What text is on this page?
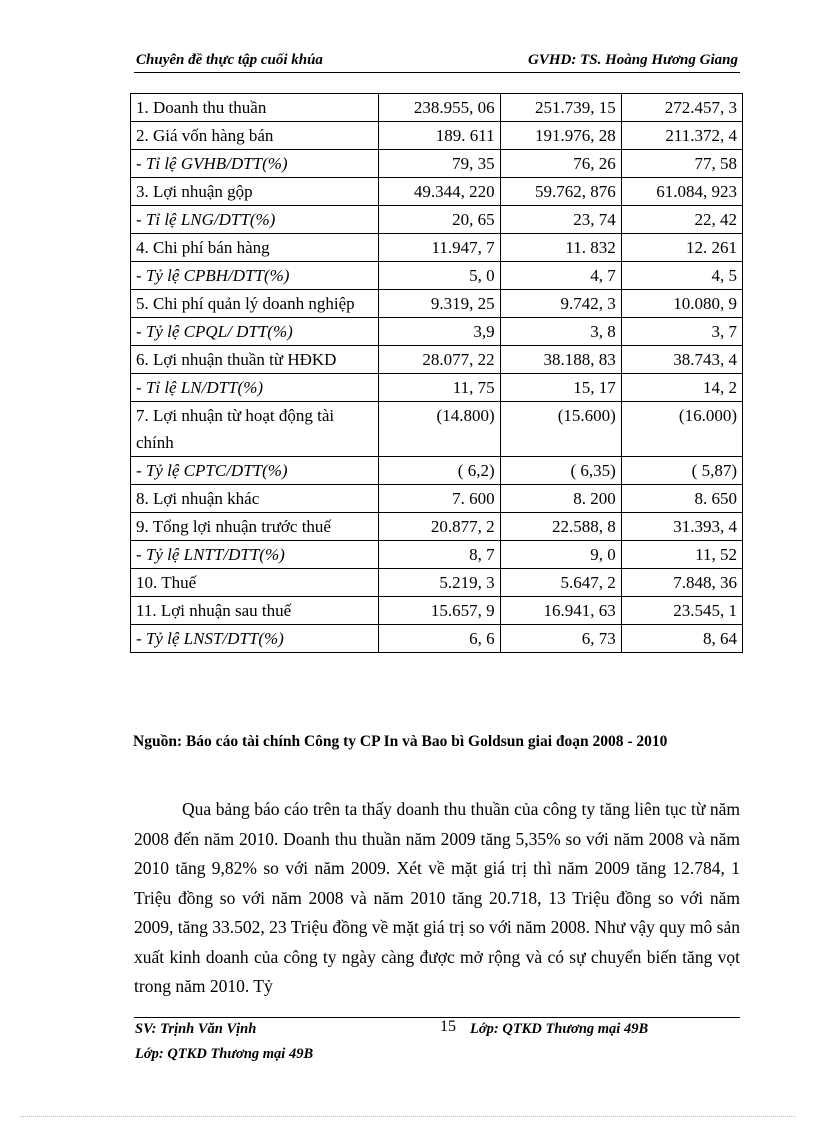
Chuyên đề thực tập cuối khúa	GVHD: TS. Hoàng Hương Giang
1. Doanh thu thuần	238.955, 06	251.739, 15	272.457, 3
2. Giá vốn hàng bán	189. 611	191.976, 28	211.372, 4
- Tỉ lệ GVHB/DTT(%)	79, 35	76, 26	77, 58
3. Lợi nhuận gộp	49.344, 220	59.762, 876	61.084, 923
- Tỉ lệ LNG/DTT(%)	20, 65	23, 74	22, 42
4. Chi phí bán hàng	11.947, 7	11. 832	12. 261
- Tỷ lệ CPBH/DTT(%)	5, 0	4, 7	4, 5
5. Chi phí quản lý doanh nghiệp	9.319, 25	9.742, 3	10.080, 9
- Tỷ lệ CPQL/ DTT(%)	3,9	3, 8	3, 7
6. Lợi nhuận thuần từ HĐKD	28.077, 22	38.188, 83	38.743, 4
- Tỉ lệ LN/DTT(%)	11, 75	15, 17	14, 2
7. Lợi nhuận từ hoạt động tài chính	(14.800)	(15.600)	(16.000)
- Tỷ lệ CPTC/DTT(%)	( 6,2)	( 6,35)	( 5,87)
8. Lợi nhuận khác	7. 600	8. 200	8. 650
9. Tổng lợi nhuận trước thuế	20.877, 2	22.588, 8	31.393, 4
- Tỷ lệ LNTT/DTT(%)	8, 7	9, 0	11, 52
10. Thuế	5.219, 3	5.647, 2	7.848, 36
11. Lợi nhuận sau thuế	15.657, 9	16.941, 63	23.545, 1
- Tỷ lệ LNST/DTT(%)	6, 6	6, 73	8, 64
Nguồn: Báo cáo tài chính Công ty CP In và Bao bì Goldsun giai đoạn 2008 - 2010

Qua bảng báo cáo trên ta thấy doanh thu thuần của công ty tăng liên tục từ năm 2008 đến năm 2010. Doanh thu thuần năm 2009 tăng 5,35% so với năm 2008 và năm 2010 tăng 9,82% so với năm 2009. Xét về mặt giá trị thì năm 2009 tăng 12.784, 1 Triệu đồng so với năm 2008 và năm 2010 tăng 20.718, 13 Triệu đồng so với năm 2009, tăng 33.502, 23 Triệu đồng về mặt giá trị so với năm 2008. Như vậy quy mô sản xuất kinh doanh của công ty ngày càng được mở rộng và có sự chuyển biến tăng vọt trong năm 2010. Tỷ

SV: Trịnh Văn Vịnh	15 Lớp: QTKD Thương mại 49B
Lớp: QTKD Thương mại 49B
